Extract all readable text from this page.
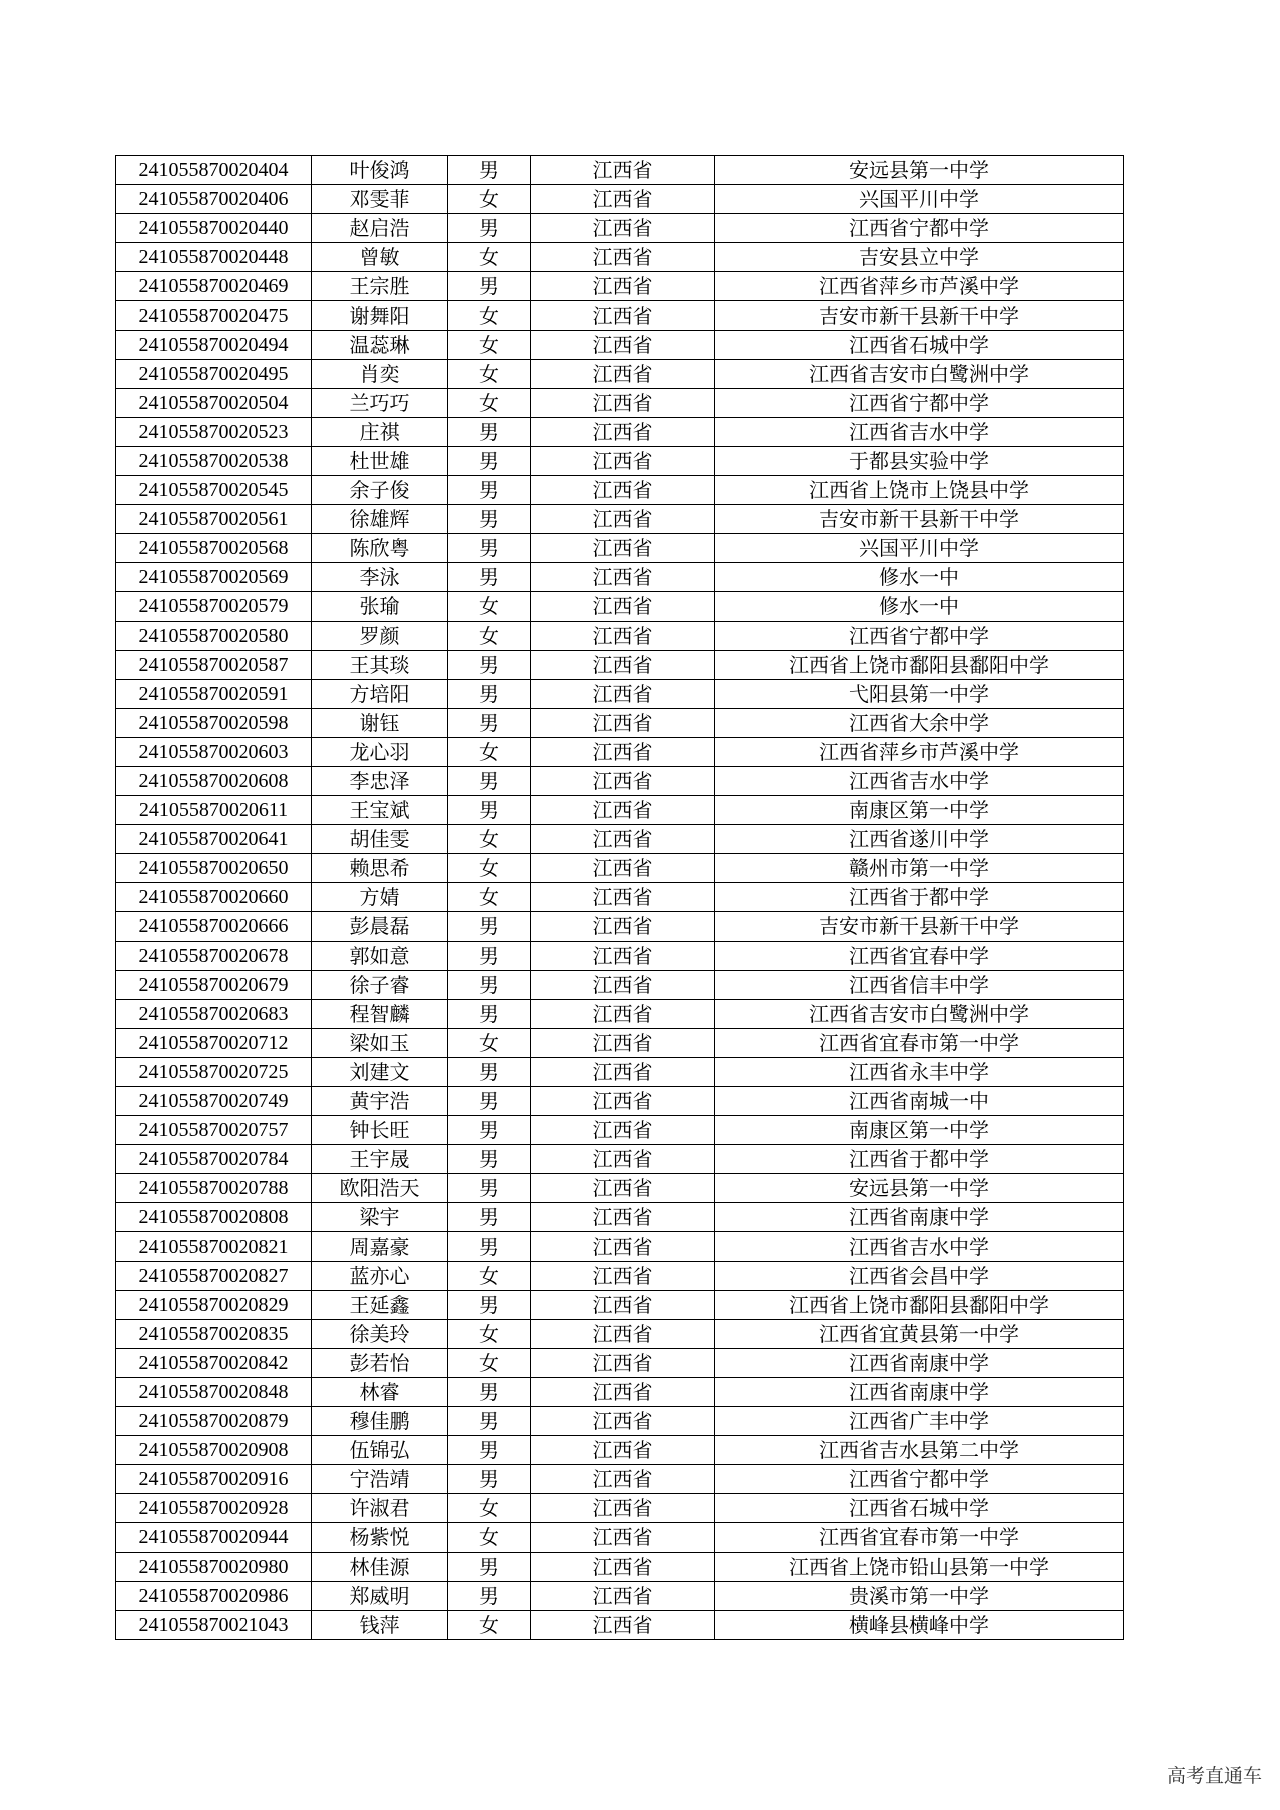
241055870020404	叶俊鸿	男	江西省	安远县第一中学
241055870020406	邓雯菲	女	江西省	兴国平川中学
241055870020440	赵启浩	男	江西省	江西省宁都中学
241055870020448	曾敏	女	江西省	吉安县立中学
241055870020469	王宗胜	男	江西省	江西省萍乡市芦溪中学
241055870020475	谢舞阳	女	江西省	吉安市新干县新干中学
241055870020494	温蕊琳	女	江西省	江西省石城中学
241055870020495	肖奕	女	江西省	江西省吉安市白鹭洲中学
241055870020504	兰巧巧	女	江西省	江西省宁都中学
241055870020523	庄祺	男	江西省	江西省吉水中学
241055870020538	杜世雄	男	江西省	于都县实验中学
241055870020545	余子俊	男	江西省	江西省上饶市上饶县中学
241055870020561	徐雄辉	男	江西省	吉安市新干县新干中学
241055870020568	陈欣粤	男	江西省	兴国平川中学
241055870020569	李泳	男	江西省	修水一中
241055870020579	张瑜	女	江西省	修水一中
241055870020580	罗颜	女	江西省	江西省宁都中学
241055870020587	王其琰	男	江西省	江西省上饶市鄱阳县鄱阳中学
241055870020591	方培阳	男	江西省	弋阳县第一中学
241055870020598	谢钰	男	江西省	江西省大余中学
241055870020603	龙心羽	女	江西省	江西省萍乡市芦溪中学
241055870020608	李忠泽	男	江西省	江西省吉水中学
241055870020611	王宝斌	男	江西省	南康区第一中学
241055870020641	胡佳雯	女	江西省	江西省遂川中学
241055870020650	赖思希	女	江西省	赣州市第一中学
241055870020660	方婧	女	江西省	江西省于都中学
241055870020666	彭晨磊	男	江西省	吉安市新干县新干中学
241055870020678	郭如意	男	江西省	江西省宜春中学
241055870020679	徐子睿	男	江西省	江西省信丰中学
241055870020683	程智麟	男	江西省	江西省吉安市白鹭洲中学
241055870020712	梁如玉	女	江西省	江西省宜春市第一中学
241055870020725	刘建文	男	江西省	江西省永丰中学
241055870020749	黄宇浩	男	江西省	江西省南城一中
241055870020757	钟长旺	男	江西省	南康区第一中学
241055870020784	王宇晟	男	江西省	江西省于都中学
241055870020788	欧阳浩天	男	江西省	安远县第一中学
241055870020808	梁宇	男	江西省	江西省南康中学
241055870020821	周嘉豪	男	江西省	江西省吉水中学
241055870020827	蓝亦心	女	江西省	江西省会昌中学
241055870020829	王延鑫	男	江西省	江西省上饶市鄱阳县鄱阳中学
241055870020835	徐美玲	女	江西省	江西省宜黄县第一中学
241055870020842	彭若怡	女	江西省	江西省南康中学
241055870020848	林睿	男	江西省	江西省南康中学
241055870020879	穆佳鹏	男	江西省	江西省广丰中学
241055870020908	伍锦弘	男	江西省	江西省吉水县第二中学
241055870020916	宁浩靖	男	江西省	江西省宁都中学
241055870020928	许淑君	女	江西省	江西省石城中学
241055870020944	杨紫悦	女	江西省	江西省宜春市第一中学
241055870020980	林佳源	男	江西省	江西省上饶市铅山县第一中学
241055870020986	郑威明	男	江西省	贵溪市第一中学
241055870021043	钱萍	女	江西省	横峰县横峰中学
高考直通车
